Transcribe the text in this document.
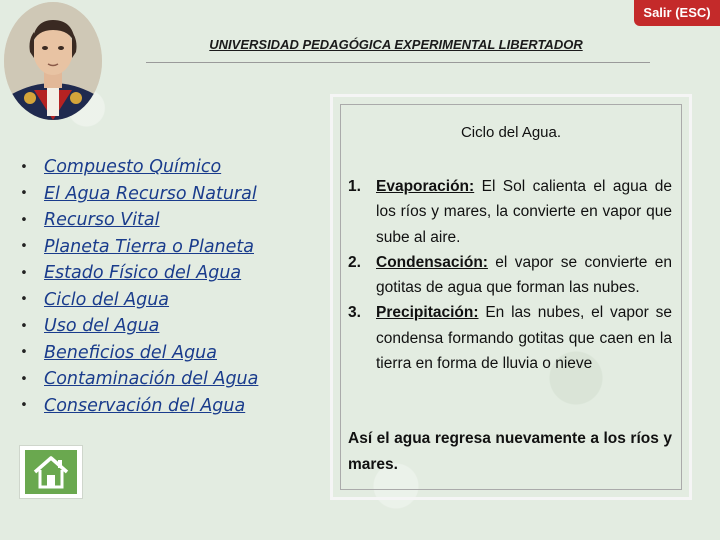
Salir (ESC)
UNIVERSIDAD PEDAGÓGICA EXPERIMENTAL LIBERTADOR
• Compuesto Químico
• El Agua Recurso Natural
• Recurso Vital
• Planeta Tierra o Planeta
• Estado Físico del Agua
• Ciclo del Agua
• Uso del Agua
• Beneficios del Agua
• Contaminación del Agua
• Conservación del Agua
Ciclo del Agua.
1. Evaporación: El Sol calienta el agua de los ríos y mares, la convierte en vapor que sube al aire.
2. Condensación: el vapor se convierte en gotitas de agua que forman las nubes.
3. Precipitación: En las nubes, el vapor se condensa formando gotitas que caen en la tierra en forma de lluvia o nieve
Así el agua regresa nuevamente a los ríos y mares.
